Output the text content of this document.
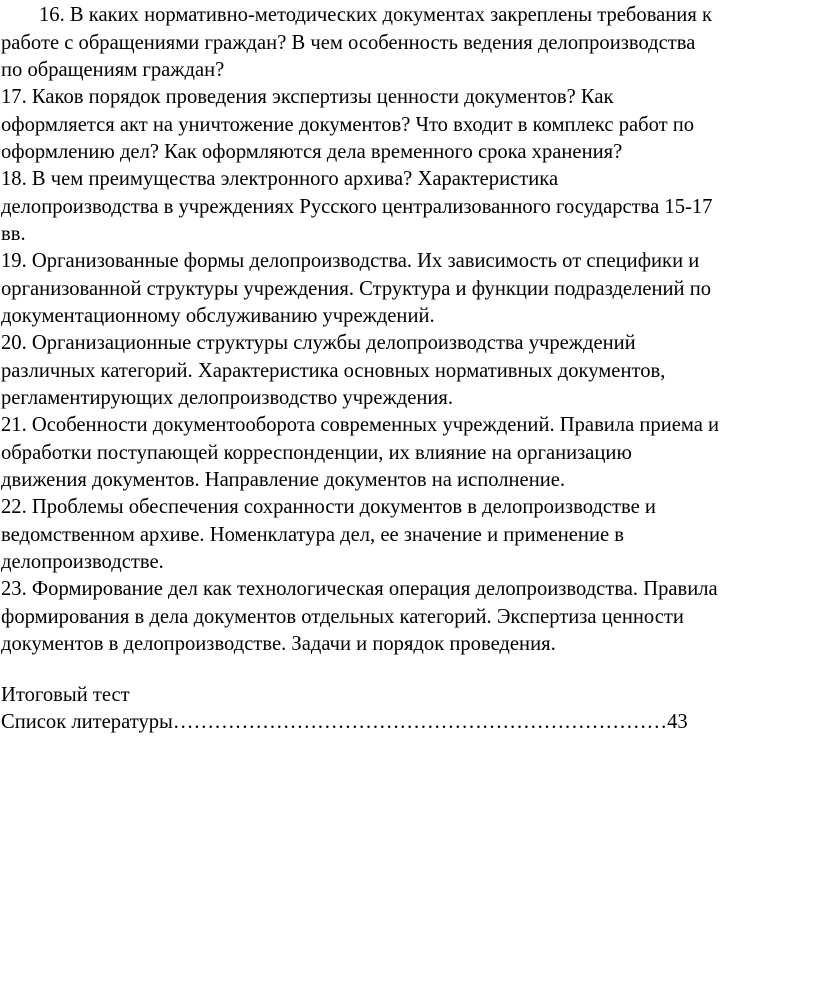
16. В каких нормативно-методических документах закреплены требования к
работе с обращениями граждан? В чем особенность ведения делопроизводства
по обращениям граждан?
17. Каков порядок проведения экспертизы ценности документов? Как
оформляется акт на уничтожение документов? Что входит в комплекс работ по
оформлению дел? Как оформляются дела временного срока хранения?
18. В чем преимущества электронного архива? Характеристика
делопроизводства в учреждениях Русского централизованного государства 15-17
вв.
19. Организованные формы делопроизводства. Их зависимость от специфики и
организованной структуры учреждения. Структура и функции подразделений по
документационному обслуживанию учреждений.
20. Организационные структуры службы делопроизводства учреждений
различных категорий. Характеристика основных нормативных документов,
регламентирующих делопроизводство учреждения.
21. Особенности документооборота современных учреждений. Правила приема и
обработки поступающей корреспонденции, их влияние на организацию
движения документов. Направление документов на исполнение.
22. Проблемы обеспечения сохранности документов в делопроизводстве и
ведомственном архиве. Номенклатура дел, ее значение и применение в
делопроизводстве.
23. Формирование дел как технологическая операция делопроизводства. Правила
формирования в дела документов отдельных категорий. Экспертиза ценности
документов в делопроизводстве. Задачи и порядок проведения.
Итоговый тест
Список литературы………………………………………………………………43
